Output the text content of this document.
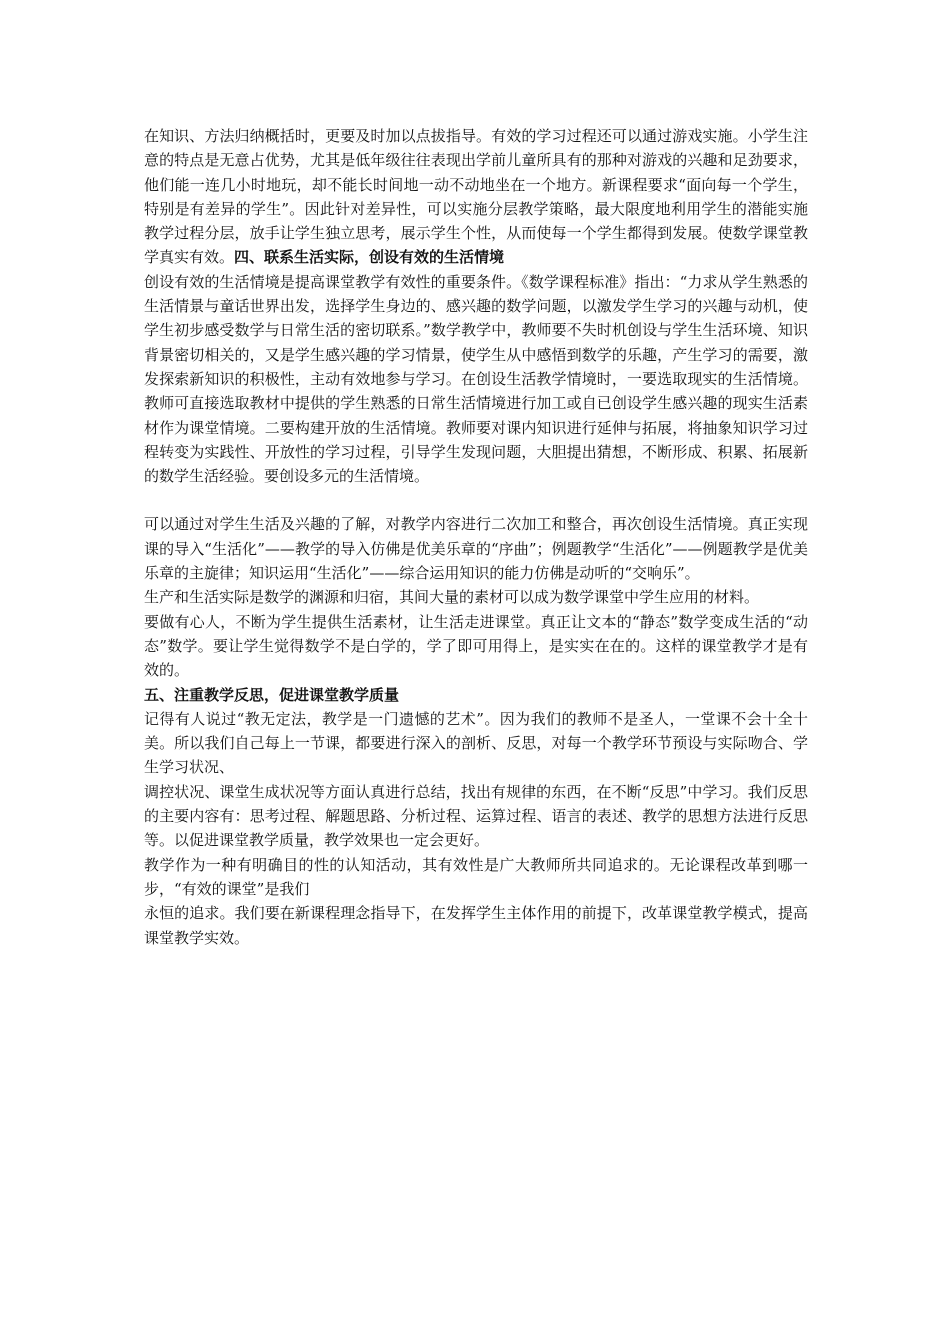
在知识、方法归纳概括时，更要及时加以点拔指导。有效的学习过程还可以通过游戏实施。小学生注意的特点是无意占优势，尤其是低年级往往表现出学前儿童所具有的那种对游戏的兴趣和足劲要求，他们能一连几小时地玩，却不能长时间地一动不动地坐在一个地方。新课程要求“面向每一个学生，特别是有差异的学生”。因此针对差异性，可以实施分层教学策略，最大限度地利用学生的潜能实施教学过程分层，放手让学生独立思考，展示学生个性，从而使每一个学生都得到发展。使数学课堂教学真实有效。四、联系生活实际，创设有效的生活情境

创设有效的生活情境是提高课堂教学有效性的重要条件。《数学课程标准》指出：“力求从学生熟悉的生活情景与童话世界出发，选择学生身边的、感兴趣的数学问题，以激发学生学习的兴趣与动机，使学生初步感受数学与日常生活的密切联系。”数学教学中，教师要不失时机创设与学生生活环境、知识背景密切相关的，又是学生感兴趣的学习情景，使学生从中感悟到数学的乐趣，产生学习的需要，激发探索新知识的积极性，主动有效地参与学习。在创设生活教学情境时，一要选取现实的生活情境。教师可直接选取教材中提供的学生熟悉的日常生活情境进行加工或自已创设学生感兴趣的现实生活素材作为课堂情境。二要构建开放的生活情境。教师要对课内知识进行延伸与拓展，将抽象知识学习过程转变为实践性、开放性的学习过程，引导学生发现问题，大胆提出猜想，不断形成、积累、拓展新的数学生活经验。要创设多元的生活情境。

可以通过对学生生活及兴趣的了解，对教学内容进行二次加工和整合，再次创设生活情境。真正实现课的导入“生活化”——教学的导入仿佛是优美乐章的“序曲”；例题教学“生活化”——例题教学是优美乐章的主旋律；知识运用“生活化”——综合运用知识的能力仿佛是动听的“交响乐”。

生产和生活实际是数学的渊源和归宿，其间大量的素材可以成为数学课堂中学生应用的材料。

要做有心人，不断为学生提供生活素材，让生活走进课堂。真正让文本的“静态”数学变成生活的“动态”数学。要让学生觉得数学不是白学的，学了即可用得上，是实实在在的。这样的课堂教学才是有效的。

五、注重教学反思，促进课堂教学质量

记得有人说过“教无定法，教学是一门遗憾的艺术”。因为我们的教师不是圣人，一堂课不会十全十美。所以我们自己每上一节课，都要进行深入的剖析、反思，对每一个教学环节预设与实际吻合、学生学习状况、

调控状况、课堂生成状况等方面认真进行总结，找出有规律的东西，在不断“反思”中学习。我们反思的主要内容有：思考过程、解题思路、分析过程、运算过程、语言的表述、教学的思想方法进行反思等。以促进课堂教学质量，教学效果也一定会更好。

教学作为一种有明确目的性的认知活动，其有效性是广大教师所共同追求的。无论课程改革到哪一步，“有效的课堂”是我们

永恒的追求。我们要在新课程理念指导下，在发挥学生主体作用的前提下，改革课堂教学模式，提高课堂教学实效。
